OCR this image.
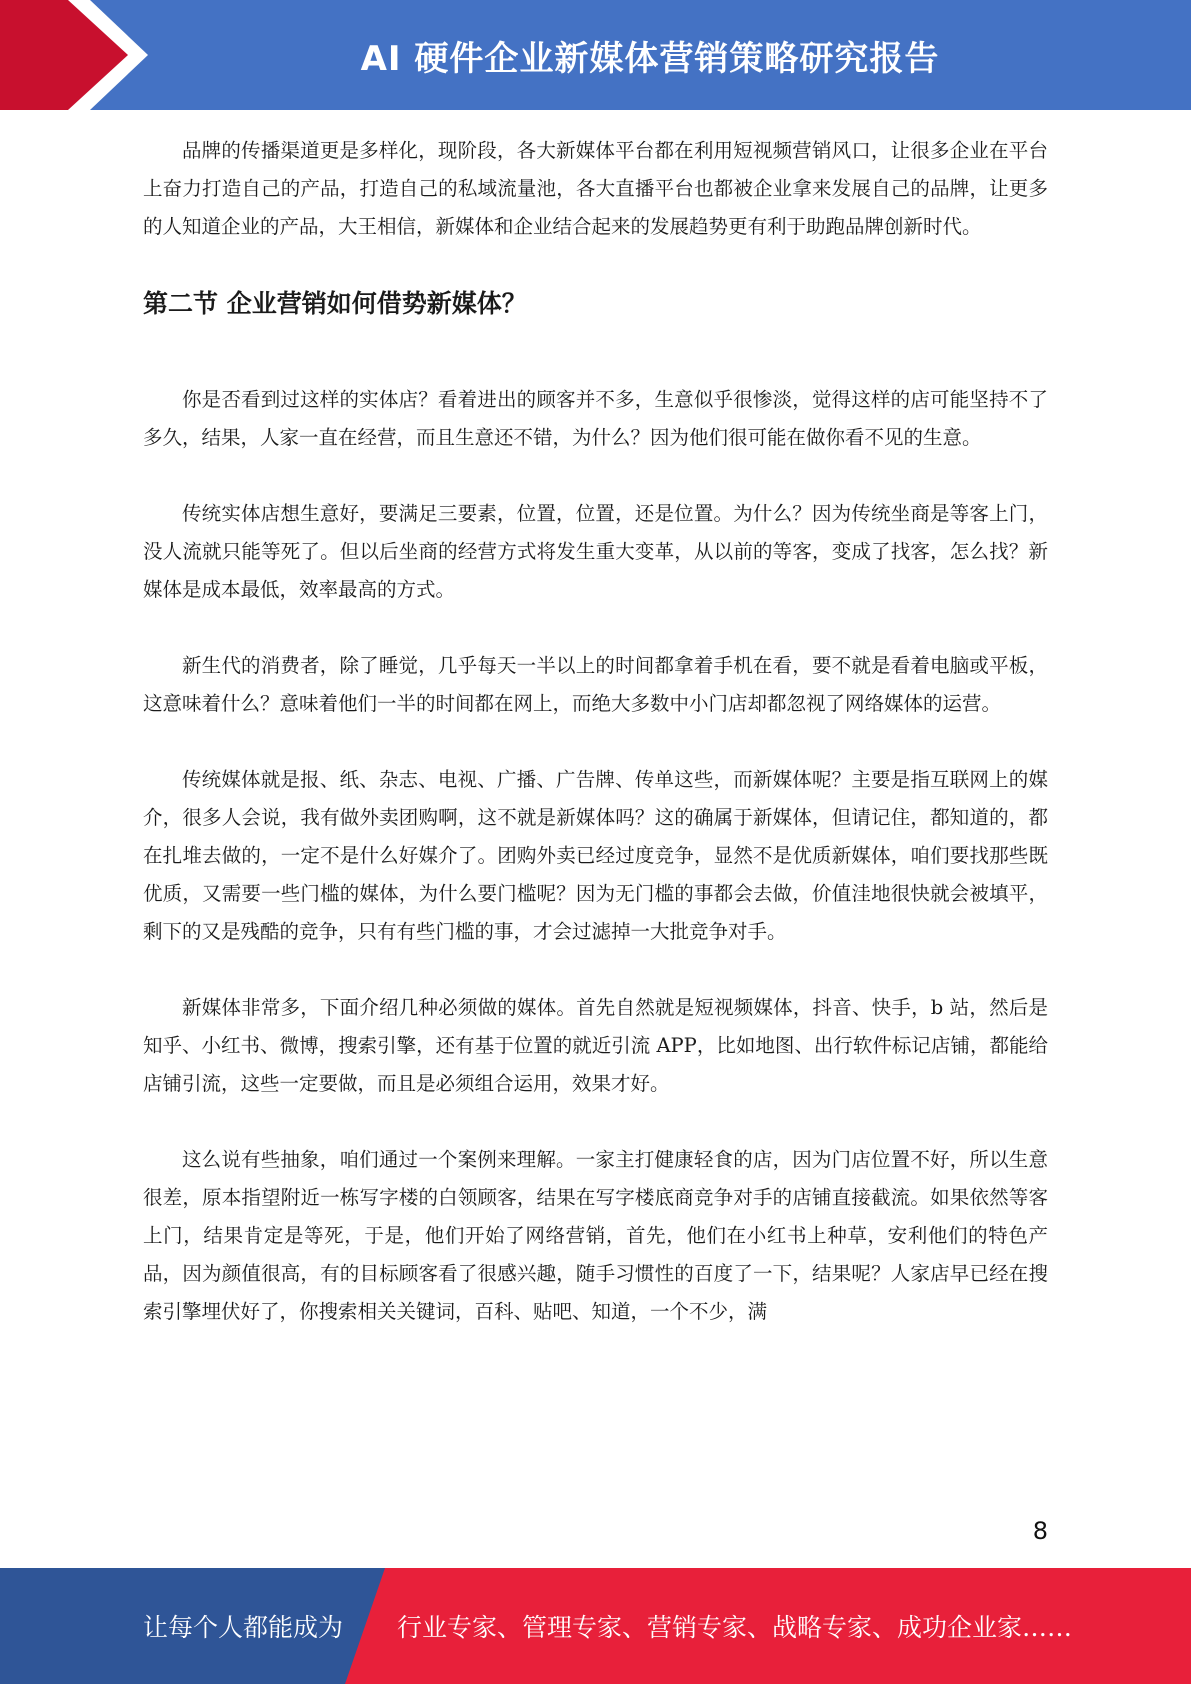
AI 硬件企业新媒体营销策略研究报告

品牌的传播渠道更是多样化，现阶段，各大新媒体平台都在利用短视频营销风口，让很多企业在平台上奋力打造自己的产品，打造自己的私域流量池，各大直播平台也都被企业拿来发展自己的品牌，让更多的人知道企业的产品，大王相信，新媒体和企业结合起来的发展趋势更有利于助跑品牌创新时代。

第二节 企业营销如何借势新媒体？

你是否看到过这样的实体店？看着进出的顾客并不多，生意似乎很惨淡，觉得这样的店可能坚持不了多久，结果，人家一直在经营，而且生意还不错，为什么？因为他们很可能在做你看不见的生意。

传统实体店想生意好，要满足三要素，位置，位置，还是位置。为什么？因为传统坐商是等客上门，没人流就只能等死了。但以后坐商的经营方式将发生重大变革，从以前的等客，变成了找客，怎么找？新媒体是成本最低，效率最高的方式。

新生代的消费者，除了睡觉，几乎每天一半以上的时间都拿着手机在看，要不就是看着电脑或平板，这意味着什么？意味着他们一半的时间都在网上，而绝大多数中小门店却都忽视了网络媒体的运营。

传统媒体就是报、纸、杂志、电视、广播、广告牌、传单这些，而新媒体呢？主要是指互联网上的媒介，很多人会说，我有做外卖团购啊，这不就是新媒体吗？这的确属于新媒体，但请记住，都知道的，都在扎堆去做的，一定不是什么好媒介了。团购外卖已经过度竞争，显然不是优质新媒体，咱们要找那些既优质，又需要一些门槛的媒体，为什么要门槛呢？因为无门槛的事都会去做，价值洼地很快就会被填平，剩下的又是残酷的竞争，只有有些门槛的事，才会过滤掉一大批竞争对手。

新媒体非常多，下面介绍几种必须做的媒体。首先自然就是短视频媒体，抖音、快手，b 站，然后是知乎、小红书、微博，搜索引擎，还有基于位置的就近引流 APP，比如地图、出行软件标记店铺，都能给店铺引流，这些一定要做，而且是必须组合运用，效果才好。

这么说有些抽象，咱们通过一个案例来理解。一家主打健康轻食的店，因为门店位置不好，所以生意很差，原本指望附近一栋写字楼的白领顾客，结果在写字楼底商竞争对手的店铺直接截流。如果依然等客上门，结果肯定是等死，于是，他们开始了网络营销，首先，他们在小红书上种草，安利他们的特色产品，因为颜值很高，有的目标顾客看了很感兴趣，随手习惯性的百度了一下，结果呢？人家店早已经在搜索引擎埋伏好了，你搜索相关关键词，百科、贴吧、知道，一个不少，满

8
让每个人都能成为 行业专家、管理专家、营销专家、战略专家、成功企业家……
